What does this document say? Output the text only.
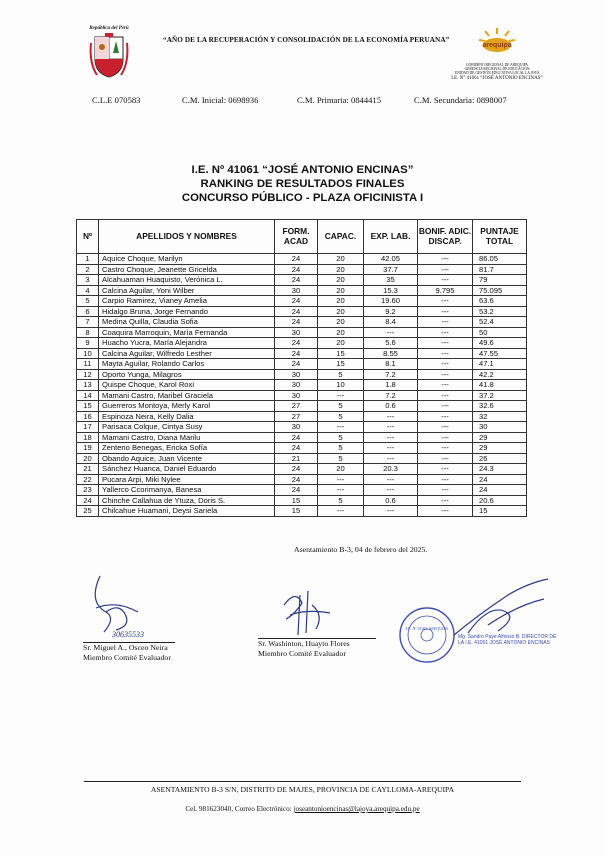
República del Perú
“AÑO DE LA RECUPERACIÓN Y CONSOLIDACIÓN DE LA ECONOMÍA PERUANA”
arequipa
GOBIERNO REGIONAL DE AREQUIPA
GERENCIA REGIONAL DE EDUCACIÓN
UNIDAD DE GESTIÓN EDUCATIVA LOCAL LA JOYA
I.E. N° 41061 “JOSÉ ANTONIO ENCINAS”
C.L.E 070583	C.M. Inicial: 0698936	C.M. Primaria: 0844415	C.M. Secundaria: 0898007
I.E. Nº 41061 “JOSÉ ANTONIO ENCINAS”
RANKING DE RESULTADOS FINALES
CONCURSO PÚBLICO - PLAZA OFICINISTA I
Nº	APELLIDOS Y NOMBRES	FORM. ACAD	CAPAC.	EXP. LAB.	BONIF. ADIC. DISCAP.	PUNTAJE TOTAL
1	Aquice Choque, Marilyn	24	20	42.05	---	86.05
2	Castro Choque, Jeanette Gricelda	24	20	37.7	---	81.7
3	Alcahuaman Huaquisto, Verónica L.	24	20	35	---	79
4	Calcina Aguilar, Yoni Wilber	30	20	15.3	9.795	75.095
5	Carpio Ramirez, Vianey Amelia	24	20	19.60	---	63.6
6	Hidalgo Bruna, Jorge Fernando	24	20	9.2	---	53.2
7	Medina Quilla, Claudia Sofia	24	20	8.4	---	52.4
8	Coaquira Marroquin, María Fernanda	30	20	---	---	50
9	Huacho Yucra, María Alejandra	24	20	5.6	---	49.6
10	Calcina Aguilar, Wilfredo Lesther	24	15	8.55	---	47.55
11	Mayta Aguilar, Rolando Carlos	24	15	8.1	---	47.1
12	Oporto Yunga, Milagros	30	5	7.2	---	42.2
13	Quispe Choque, Karol Roxi	30	10	1.8	---	41.8
14	Mamani Castro, Maribel Graciela	30	---	7.2	---	37.2
15	Guerreros Montoya, Merly Karol	27	5	0.6	---	32.6
16	Espinoza Neira, Kelly Dalia	27	5	---	---	32
17	Parisaca Colque, Cintya Susy	30	---	---	---	30
18	Mamani Castro, Diana Marilu	24	5	---	---	29
19	Zenteno Benegas, Ericka Sofía	24	5	---	---	29
20	Obando Aquice, Juan Vicente	21	5	---	---	26
21	Sánchez Huanca, Daniel Eduardo	24	20	20.3	---	24.3
22	Pucara Arpi, Miki Nylee	24	---	---	---	24
23	Yallerco Ccorimanya, Banesa	24	---	---	---	24
24	Chinche Callahua de Ytuza, Doris S.	15	5	0.6	---	20.6
25	Chilcahue Huamani, Deysi Sariela	15	---	---	---	15
Asentamiento B-3, 04 de febrero del 2025.
30635533
Sr. Miguel A., Osceo Neira
Miembro Comité Evaluador
Sr. Washinton, Huayto Flores
Miembro Comité Evaluador
I.E. Nº 41061 AREQUIPA
Mg. Sandro Paye Alfonso B. DIRECTOR DE LA I.E. 41061 JOSÉ ANTONIO ENCINAS
ASENTAMIENTO B-3 S/N, DISTRITO DE MAJES, PROVINCIA DE CAYLLOMA-AREQUIPA
Cel. 981623040, Correo Electrónico: joseantonioencinas@lajoya.arequipa.edu.pe
